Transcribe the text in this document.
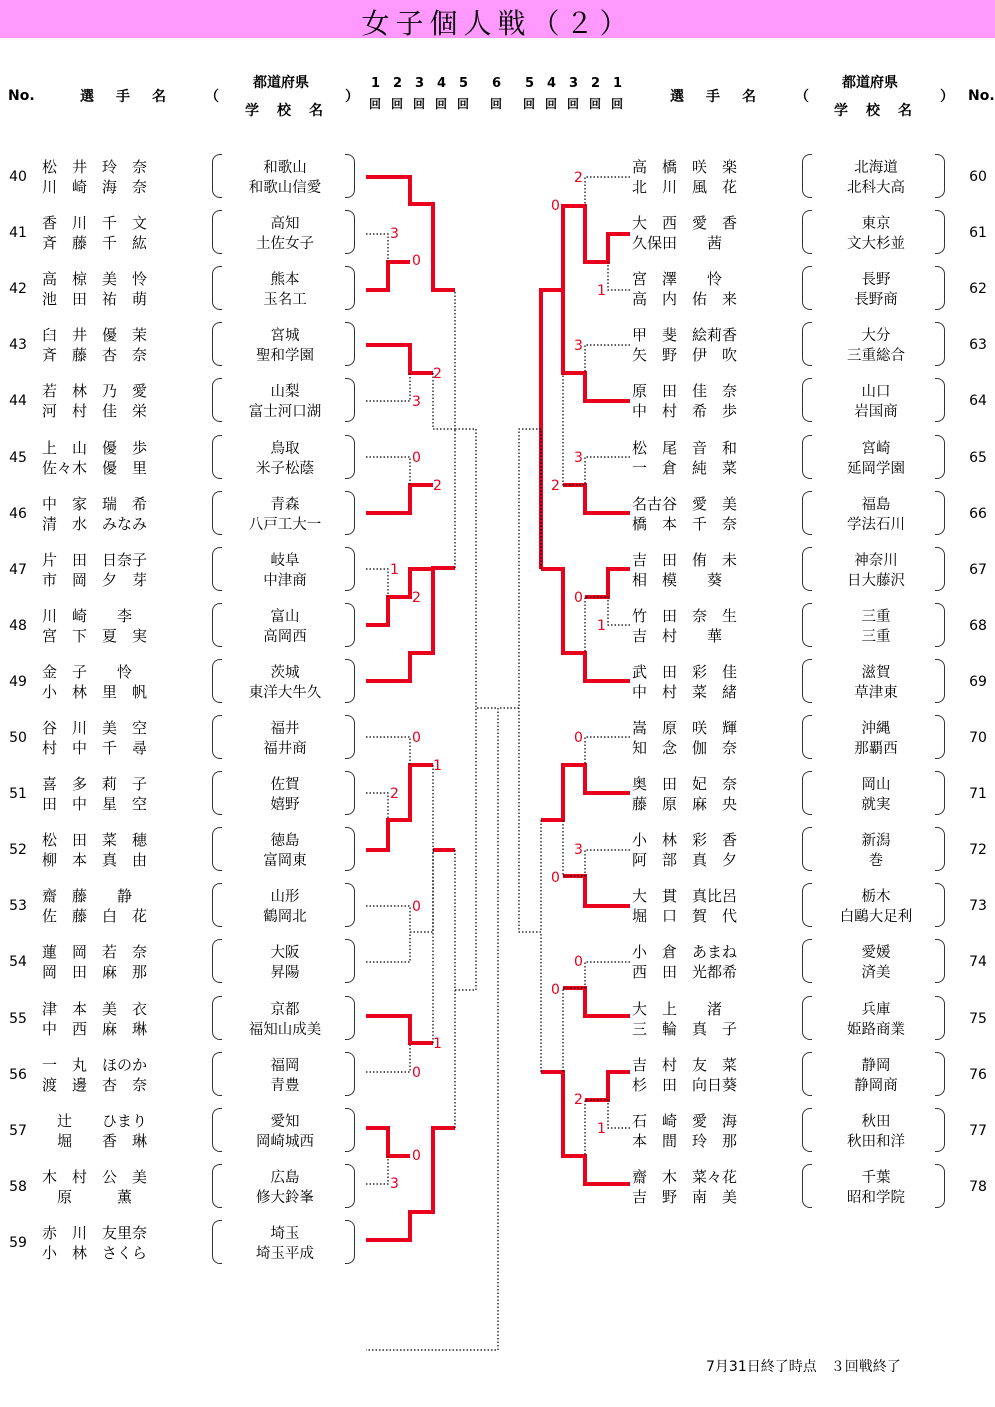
女子個人戦（２）
No.	選　手　名	（
都道府県
学　校　名
）
1
回
2
回
3
回
4
回
5
回
6
回
5
回
4
回
3
回
2
回
1
回	選　手　名	（
都道府県
学　校　名
） No.
40
松　井　玲　奈
川　崎　海　奈
和歌山
和歌山信愛
41
香　川　千　文
斉　藤　千　紘
高知
土佐女子
42
高　椋　美　怜
池　田　祐　萌
熊本
玉名工
43
臼　井　優　茉
斉　藤　杏　奈
宮城
聖和学園
44
若　林　乃　愛
河　村　佳　栄
山梨
富士河口湖
45
上　山　優　歩
佐々木　優　里
鳥取
米子松蔭
46
中　家　瑞　希
清　水　みなみ
青森
八戸工大一
47
片　田　日奈子
市　岡　夕　芽
岐阜
中津商
48
川　崎　　李
宮　下　夏　実
富山
高岡西
49
金　子　　怜
小　林　里　帆
茨城
東洋大牛久
50
谷　川　美　空
村　中　千　尋
福井
福井商
51
喜　多　莉　子
田　中　星　空
佐賀
嬉野
52
松　田　菜　穂
柳　本　真　由
徳島
富岡東
53
齋　藤　　静
佐　藤　白　花
山形
鶴岡北
54
蓮　岡　若　奈
岡　田　麻　那
大阪
昇陽
55
津　本　美　衣
中　西　麻　琳
京都
福知山成美
56
一　丸　ほのか
渡　邊　杏　奈
福岡
青豊
57
　辻　　ひまり
　堀　　香　琳
愛知
岡崎城西
58
木　村　公　美
　原　　　薫
広島
修大鈴峯
59
赤　川　友里奈
小　林　さくら
埼玉
埼玉平成
60
高　橋　咲　楽
北　川　風　花
北海道
北科大高
61
大　西　愛　香
久保田　　茜
東京
文大杉並
62
宮　澤　　怜
高　内　佑　来
長野
長野商
63
甲　斐　絵莉香
矢　野　伊　吹
大分
三重総合
64
原　田　佳　奈
中　村　希　歩
山口
岩国商
65
松　尾　音　和
一　倉　純　菜
宮崎
延岡学園
66
名古谷　愛　美
橋　本　千　奈
福島
学法石川
67
吉　田　侑　未
相　模　　葵
神奈川
日大藤沢
68
竹　田　奈　生
吉　村　　華
三重
三重
69
武　田　彩　佳
中　村　菜　緒
滋賀
草津東
70
嵩　原　咲　輝
知　念　伽　奈
沖縄
那覇西
71
奥　田　妃　奈
藤　原　麻　央
岡山
就実
72
小　林　彩　香
阿　部　真　夕
新潟
巻
73
大　貫　真比呂
堀　口　賀　代
栃木
白鷗大足利
74
小　倉　あまね
西　田　光都希
愛媛
済美
75
大　上　　渚
三　輪　真　子
兵庫
姫路商業
76
吉　村　友　菜
杉　田　向日葵
静岡
静岡商
77
石　崎　愛　海
本　間　玲　那
秋田
秋田和洋
78
齋　木　菜々花
吉　野　南　美
千葉
昭和学院
3
0
2
3
0
2
1
2
0
1
2
0
1
0
0
3
2
0
1
3
3
2
0
1
0
3
0
0
0
2
1
7月31日終了時点　３回戦終了
